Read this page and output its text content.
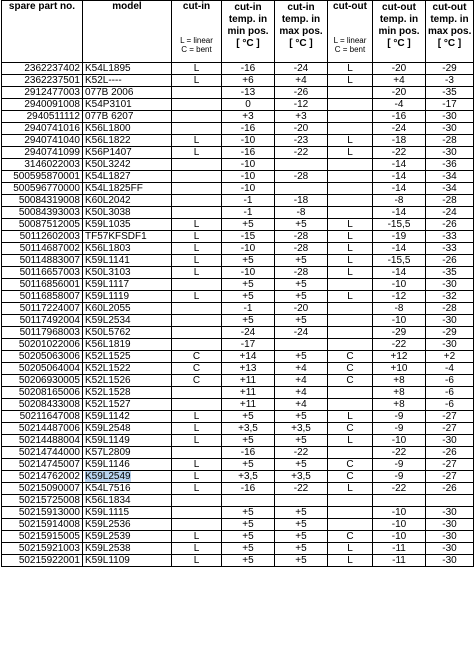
spare part no.	model	cut-in
L = linear
C = bent	cut-in
temp. in
min pos.
[ °C ]	cut-in
temp. in
max pos.
[ °C ]	cut-out
L = linear
C = bent	cut-out
temp. in
min pos.
[ °C ]	cut-out
temp. in
max pos.
[ °C ]

2362237402	K54L1895	L	-16	-24	L	-20	-29
2362237501	K52L----	L	+6	+4	L	+4	-3
2912477003	077B 2006		-13	-26		-20	-35
2940091008	K54P3101		0	-12		-4	-17
2940511112	077B 6207		+3	+3		-16	-30
2940741016	K56L1800		-16	-20		-24	-30
2940741040	K56L1822	L	-10	-23	L	-18	-28
2940741099	K56P1407	L	-16	-22	L	-22	-30
3146022003	K50L3242		-10			-14	-36
500595870001	K54L1827		-10	-28		-14	-34
500596770000	K54L1825FF		-10			-14	-34
50084319008	K60L2042		-1	-18		-8	-28
50084393003	K50L3038		-1	-8		-14	-24
50087512005	K59L1035	L	+5	+5	L	-15,5	-26
50112602003	TF57KFSDF1	L	-15	-28	L	-19	-33
50114687002	K56L1803	L	-10	-28	L	-14	-33
50114883007	K59L1141	L	+5	+5	L	-15,5	-26
50116657003	K50L3103	L	-10	-28	L	-14	-35
50116856001	K59L1117		+5	+5		-10	-30
50116858007	K59L1119	L	+5	+5	L	-12	-32
50117224007	K60L2055		-1	-20		-8	-28
50117492004	K59L2534		+5	+5		-10	-30
50117968003	K50L5762		-24	-24		-29	-29
50201022006	K56L1819		-17			-22	-30
50205063006	K52L1525	C	+14	+5	C	+12	+2
50205064004	K52L1522	C	+13	+4	C	+10	-4
50206930005	K52L1526	C	+11	+4	C	+8	-6
50208165006	K52L1528		+11	+4		+8	-6
50208433008	K52L1527		+11	+4		+8	-6
50211647008	K59L1142	L	+5	+5	L	-9	-27
50214487006	K59L2548	L	+3,5	+3,5	C	-9	-27
50214488004	K59L1149	L	+5	+5	L	-10	-30
50214744000	K57L2809		-16	-22		-22	-26
50214745007	K59L1146	L	+5	+5	C	-9	-27
50214762002	K59L2549	L	+3,5	+3,5	C	-9	-27
50215090007	K54L7516	L	-16	-22	L	-22	-26
50215725008	K56L1834						
50215913000	K59L1115		+5	+5		-10	-30
50215914008	K59L2536		+5	+5		-10	-30
50215915005	K59L2539	L	+5	+5	C	-10	-30
50215921003	K59L2538	L	+5	+5	L	-11	-30
50215922001	K59L1109	L	+5	+5	L	-11	-30
